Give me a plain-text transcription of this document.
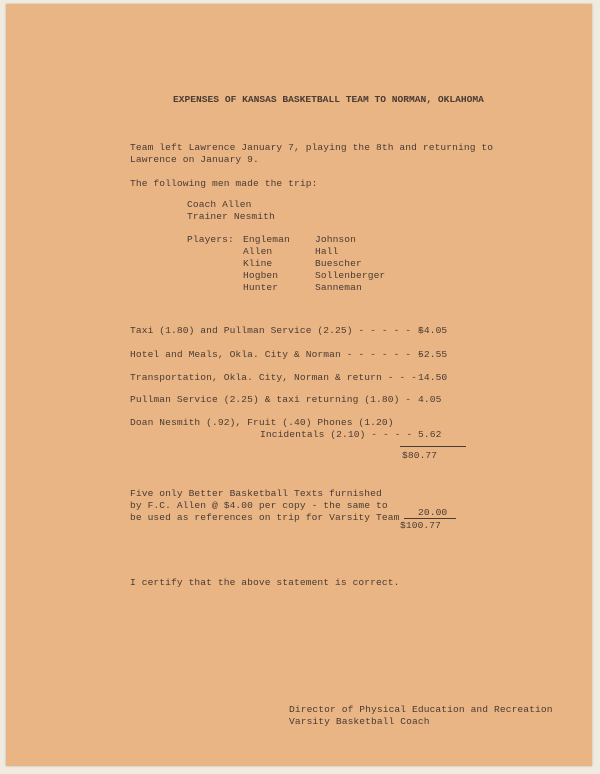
EXPENSES OF KANSAS BASKETBALL TEAM TO NORMAN, OKLAHOMA
Team left Lawrence January 7, playing the 8th and returning to
Lawrence on January 9.
The following men made the trip:
Coach Allen
Trainer Nesmith
Players: Engleman
Allen
Kline
Hogben
Hunter
Johnson
Hall
Buescher
Sollenberger
Sanneman
Taxi (1.80) and Pullman Service (2.25) - - - - - -
$4.05
Hotel and Meals, Okla. City & Norman - - - - - - -
52.55
Transportation, Okla. City, Norman & return - - - 14.50
Pullman Service (2.25) & taxi returning (1.80) - 4.05
Doan Nesmith (.92), Fruit (.40) Phones (1.20)
Incidentals (2.10) - - - - 5.62
$80.77
Five only Better Basketball Texts furnished
by F.C. Allen @ $4.00 per copy - the same to
be used as references on trip for Varsity Team 20.00
$100.77
I certify that the above statement is correct.
Director of Physical Education and Recreation
Varsity Basketball Coach
